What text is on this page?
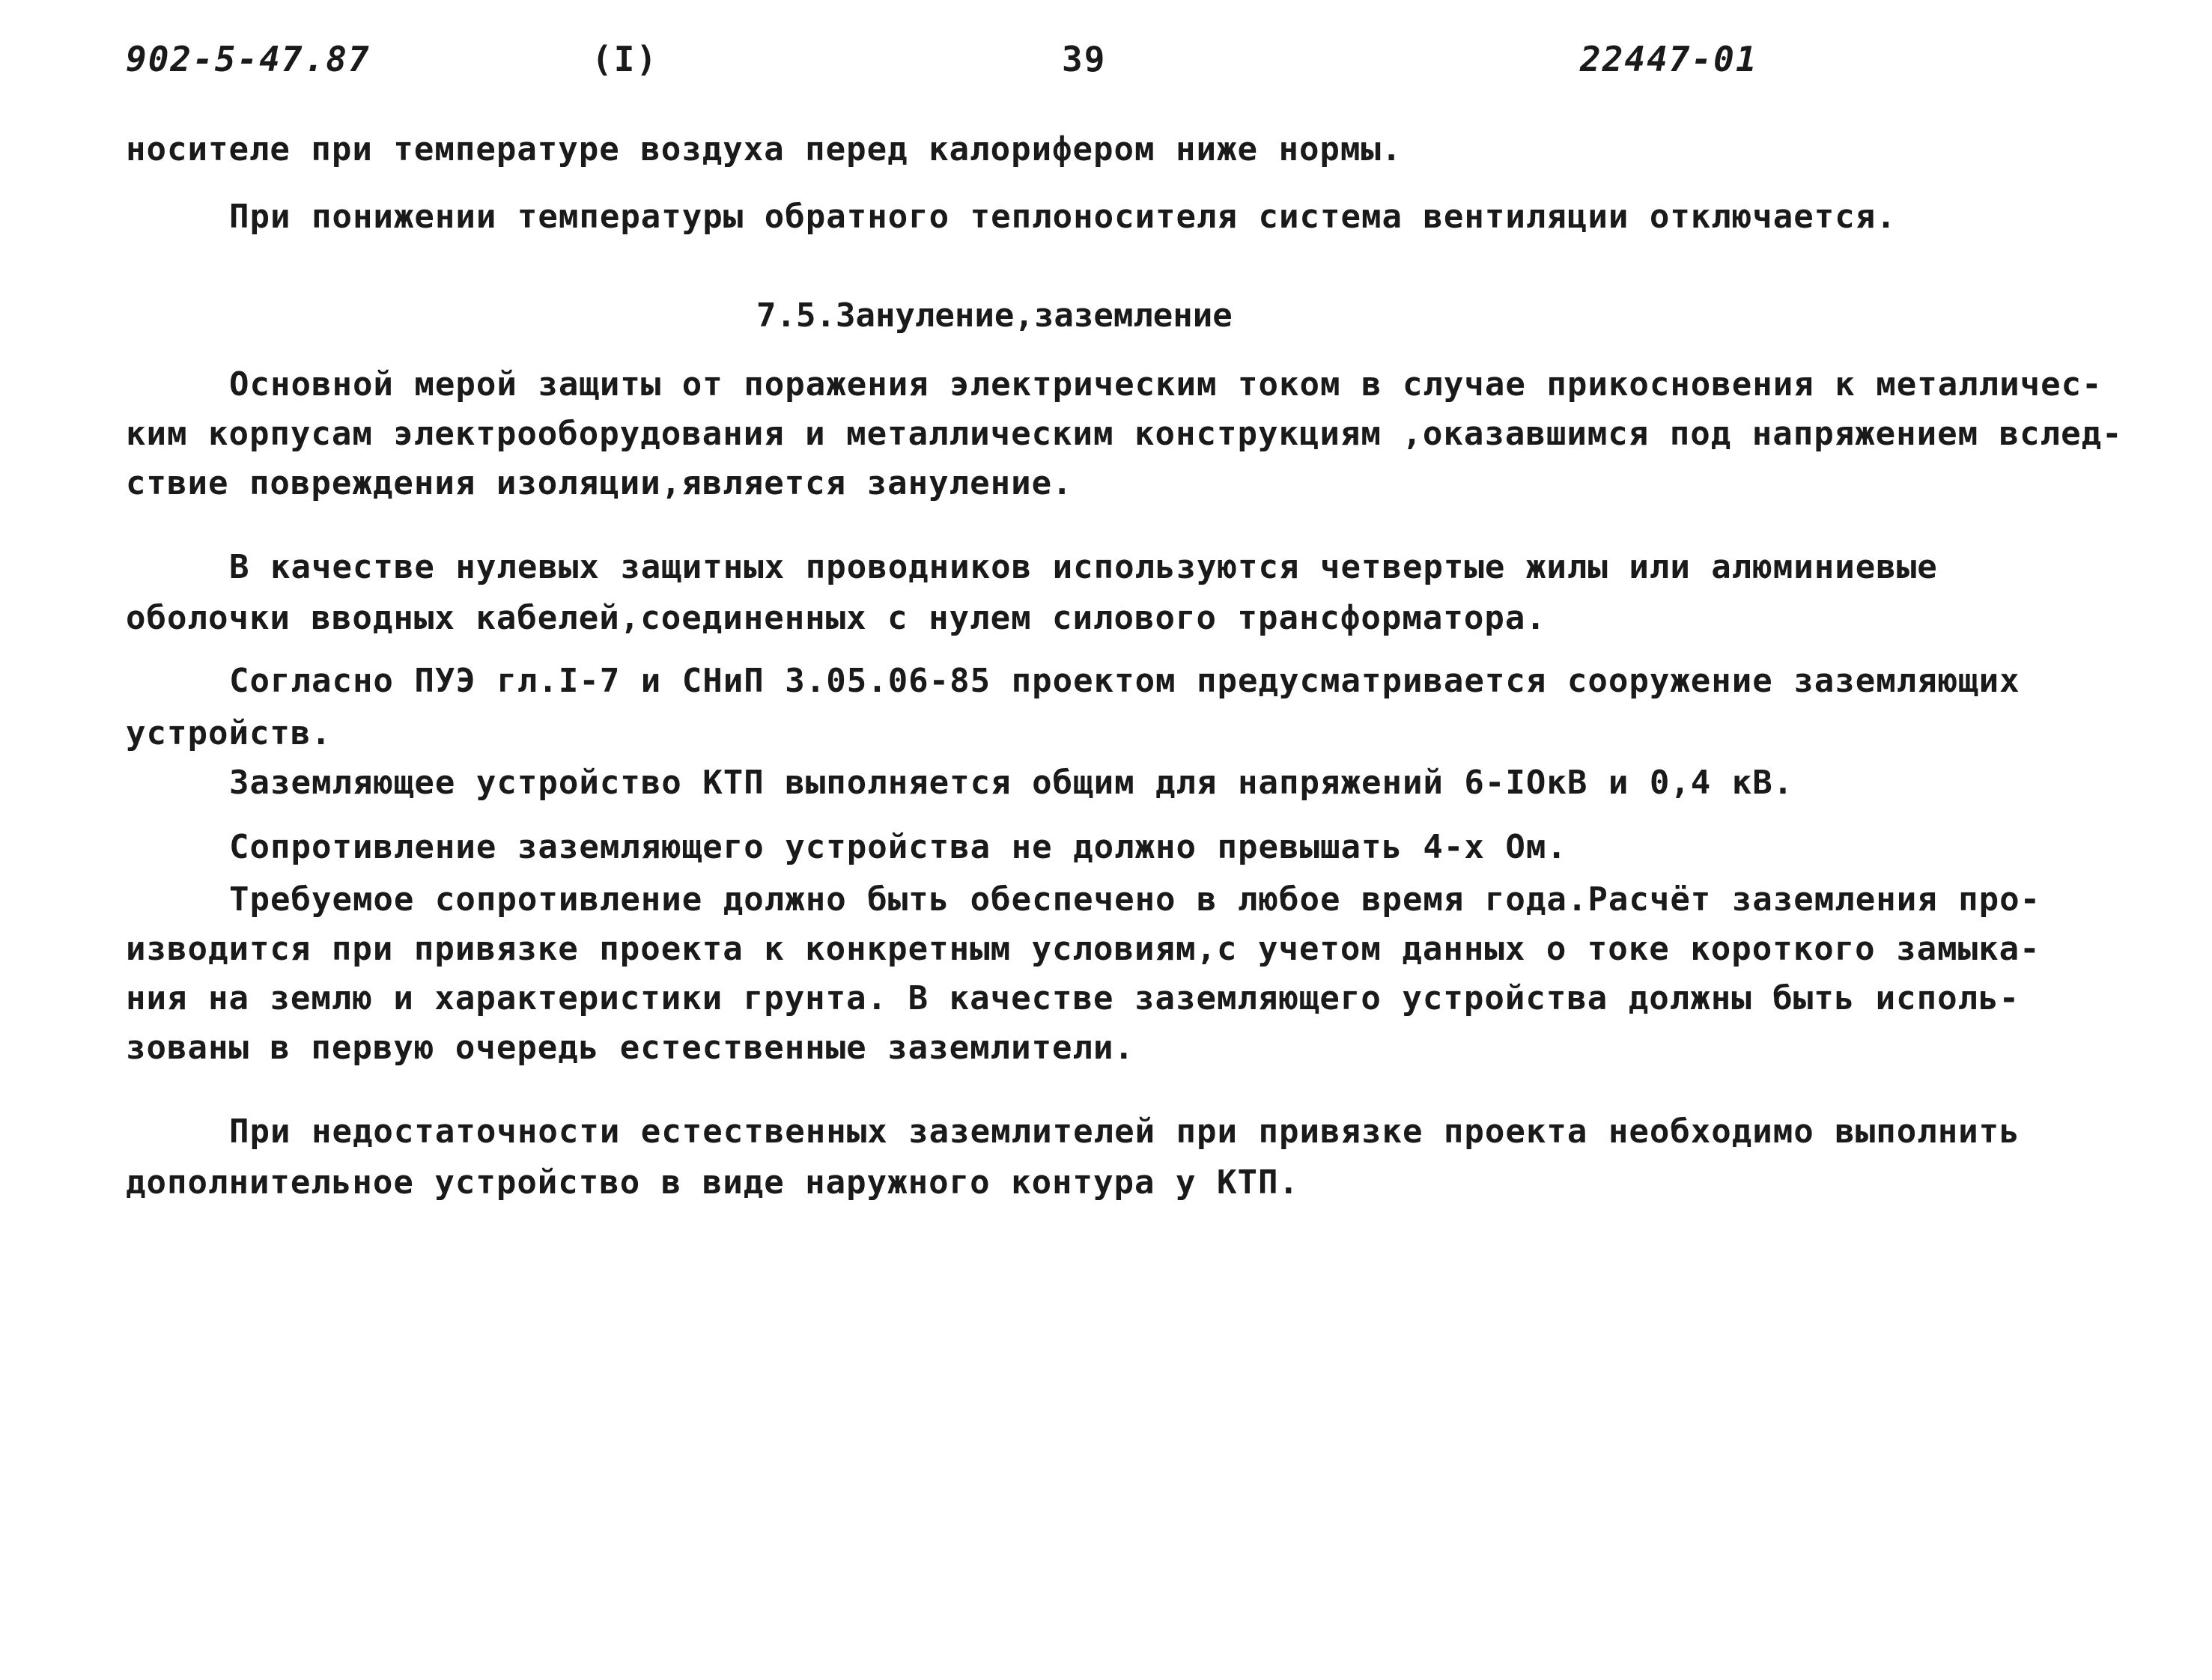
902-5-47.87	(I)	39	22447-01
носителе при температуре воздуха перед калорифером ниже нормы.
При понижении температуры обратного теплоносителя система вентиляции отключается.
7.5.Зануление,заземление
Основной мерой защиты от поражения электрическим током в случае прикосновения к металличес-
ким корпусам электрооборудования и металлическим конструкциям ,оказавшимся под напряжением вслед-
ствие повреждения изоляции,является зануление.
В качестве нулевых защитных проводников используются четвертые жилы или алюминиевые
оболочки вводных кабелей,соединенных с нулем силового трансформатора.
Согласно ПУЭ гл.I-7 и СНиП 3.05.06-85 проектом предусматривается сооружение заземляющих
устройств.
Заземляющее устройство КТП выполняется общим для напряжений 6-IОкВ и 0,4 кВ.
Сопротивление заземляющего устройства не должно превышать 4-х Ом.
Требуемое сопротивление должно быть обеспечено в любое время года.Расчёт заземления про-
изводится при привязке проекта к конкретным условиям,с учетом данных о токе короткого замыка-
ния на землю и характеристики грунта. В качестве заземляющего устройства должны быть исполь-
зованы в первую очередь естественные заземлители.
При недостаточности естественных заземлителей при привязке проекта необходимо выполнить
дополнительное устройство в виде наружного контура у КТП.
